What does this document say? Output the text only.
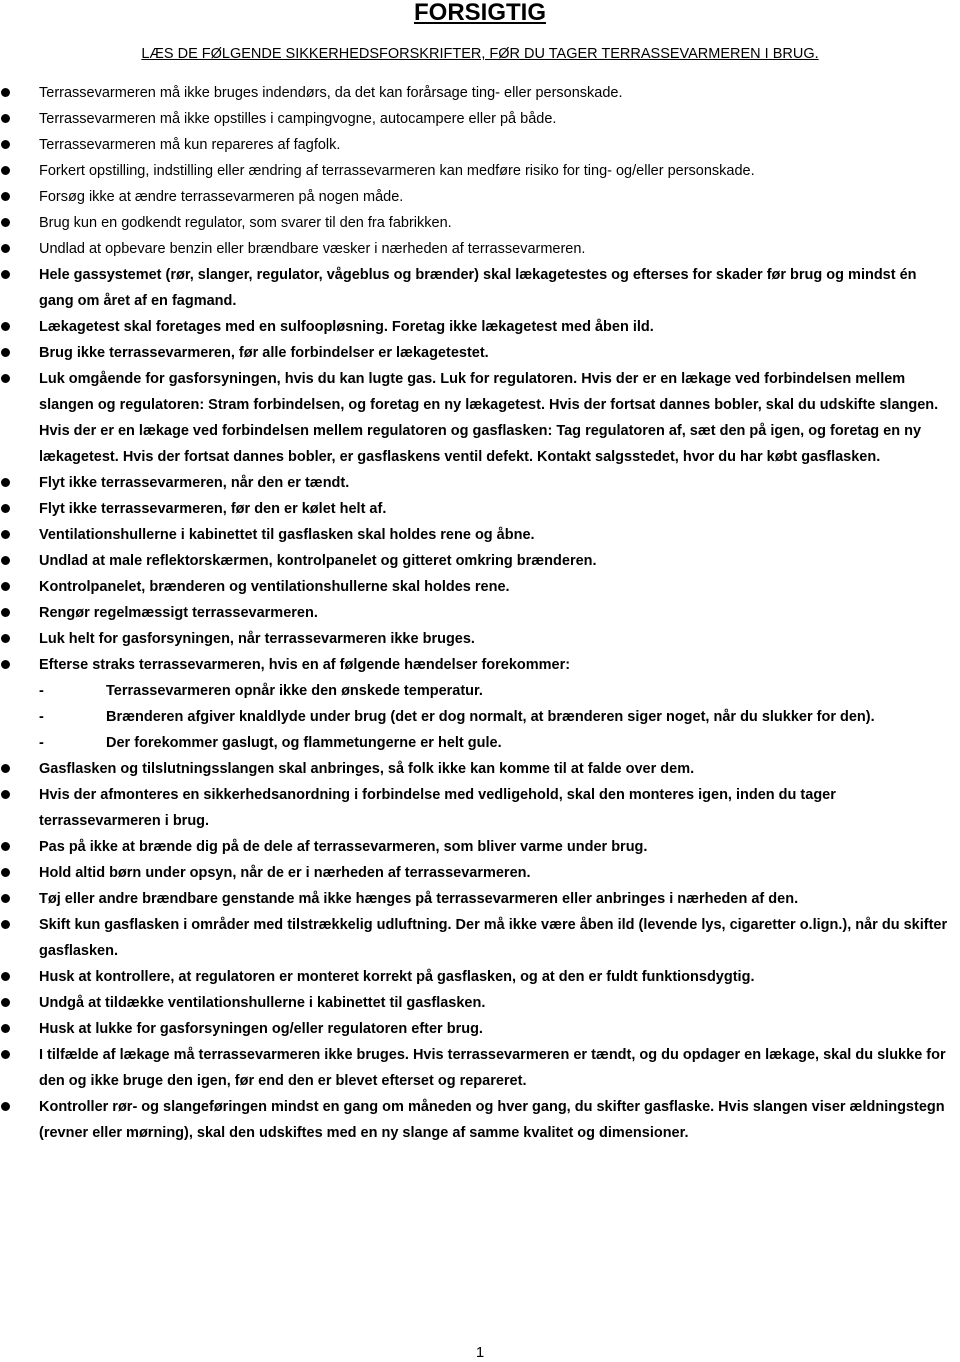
FORSIGTIG
LÆS DE FØLGENDE SIKKERHEDSFORSKRIFTER, FØR DU TAGER TERRASSEVARMEREN I BRUG.
Terrassevarmeren må ikke bruges indendørs, da det kan forårsage ting- eller personskade.
Terrassevarmeren må ikke opstilles i campingvogne, autocampere eller på både.
Terrassevarmeren må kun repareres af fagfolk.
Forkert opstilling, indstilling eller ændring af terrassevarmeren kan medføre risiko for ting- og/eller personskade.
Forsøg ikke at ændre terrassevarmeren på nogen måde.
Brug kun en godkendt regulator, som svarer til den fra fabrikken.
Undlad at opbevare benzin eller brændbare væsker i nærheden af terrassevarmeren.
Hele gassystemet (rør, slanger, regulator, vågeblus og brænder) skal lækagetestes og efterses for skader før brug og mindst én gang om året af en fagmand.
Lækagetest skal foretages med en sulfoopløsning. Foretag ikke lækagetest med åben ild.
Brug ikke terrassevarmeren, før alle forbindelser er lækagetestet.
Luk omgående for gasforsyningen, hvis du kan lugte gas. Luk for regulatoren. Hvis der er en lækage ved forbindelsen mellem slangen og regulatoren: Stram forbindelsen, og foretag en ny lækagetest. Hvis der fortsat dannes bobler, skal du udskifte slangen. Hvis der er en lækage ved forbindelsen mellem regulatoren og gasflasken: Tag regulatoren af, sæt den på igen, og foretag en ny lækagetest. Hvis der fortsat dannes bobler, er gasflaskens ventil defekt. Kontakt salgsstedet, hvor du har købt gasflasken.
Flyt ikke terrassevarmeren, når den er tændt.
Flyt ikke terrassevarmeren, før den er kølet helt af.
Ventilationshullerne i kabinettet til gasflasken skal holdes rene og åbne.
Undlad at male reflektorskærmen, kontrolpanelet og gitteret omkring brænderen.
Kontrolpanelet, brænderen og ventilationshullerne skal holdes rene.
Rengør regelmæssigt terrassevarmeren.
Luk helt for gasforsyningen, når terrassevarmeren ikke bruges.
Efterse straks terrassevarmeren, hvis en af følgende hændelser forekommer:
-	Terrassevarmeren opnår ikke den ønskede temperatur.
-	Brænderen afgiver knaldlyde under brug (det er dog normalt, at brænderen siger noget, når du slukker for den).
-	Der forekommer gaslugt, og flammetungerne er helt gule.
Gasflasken og tilslutningsslangen skal anbringes, så folk ikke kan komme til at falde over dem.
Hvis der afmonteres en sikkerhedsanordning i forbindelse med vedligehold, skal den monteres igen, inden du tager terrassevarmeren i brug.
Pas på ikke at brænde dig på de dele af terrassevarmeren, som bliver varme under brug.
Hold altid børn under opsyn, når de er i nærheden af terrassevarmeren.
Tøj eller andre brændbare genstande må ikke hænges på terrassevarmeren eller anbringes i nærheden af den.
Skift kun gasflasken i områder med tilstrækkelig udluftning. Der må ikke være åben ild (levende lys, cigaretter o.lign.), når du skifter gasflasken.
Husk at kontrollere, at regulatoren er monteret korrekt på gasflasken, og at den er fuldt funktionsdygtig.
Undgå at tildække ventilationshullerne i kabinettet til gasflasken.
Husk at lukke for gasforsyningen og/eller regulatoren efter brug.
I tilfælde af lækage må terrassevarmeren ikke bruges. Hvis terrassevarmeren er tændt, og du opdager en lækage, skal du slukke for den og ikke bruge den igen, før end den er blevet efterset og repareret.
Kontroller rør- og slangeføringen mindst en gang om måneden og hver gang, du skifter gasflaske. Hvis slangen viser ældningstegn (revner eller mørning), skal den udskiftes med en ny slange af samme kvalitet og dimensioner.
1
